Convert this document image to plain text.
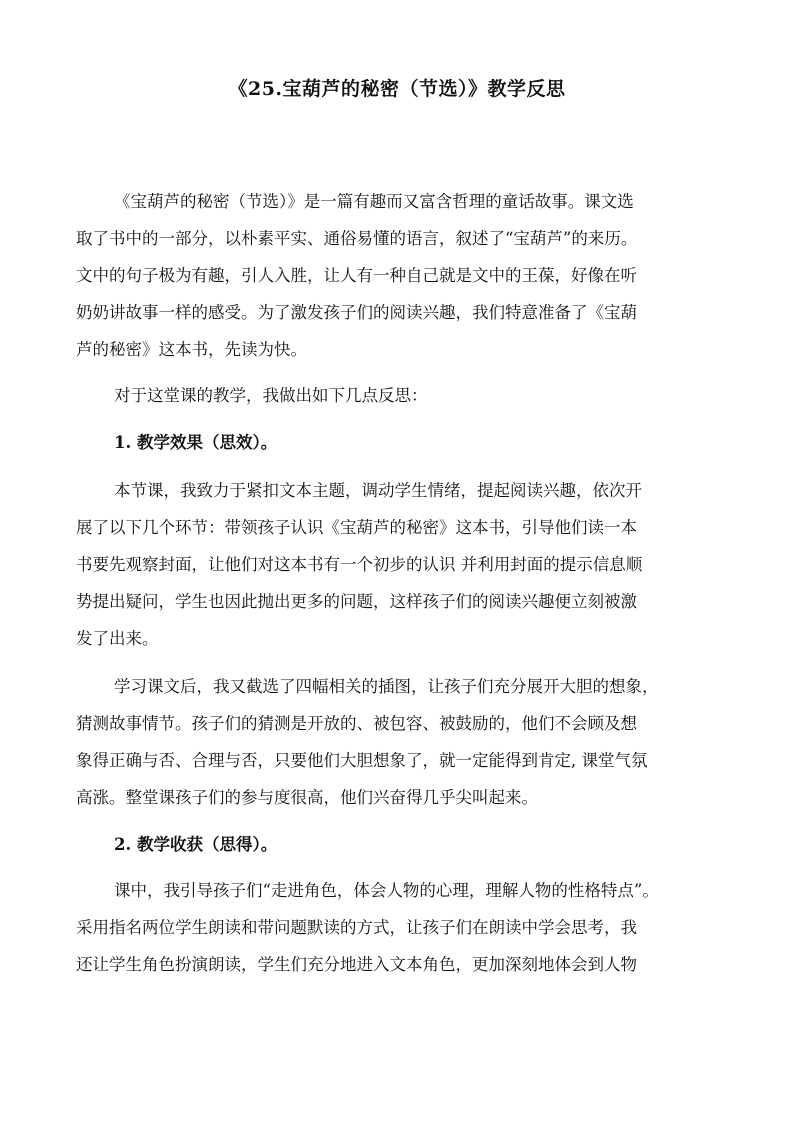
《25.宝葫芦的秘密（节选）》教学反思
《宝葫芦的秘密（节选）》是一篇有趣而又富含哲理的童话故事。课文选
取了书中的一部分，以朴素平实、通俗易懂的语言，叙述了“宝葫芦”的来历。
文中的句子极为有趣，引人入胜，让人有一种自己就是文中的王葆，好像在听
奶奶讲故事一样的感受。为了激发孩子们的阅读兴趣，我们特意准备了《宝葫
芦的秘密》这本书，先读为快。
对于这堂课的教学，我做出如下几点反思：
1. 教学效果（思效）。
本节课，我致力于紧扣文本主题，调动学生情绪，提起阅读兴趣，依次开
展了以下几个环节：带领孩子认识《宝葫芦的秘密》这本书，引导他们读一本
书要先观察封面，让他们对这本书有一个初步的认识 并利用封面的提示信息顺
势提出疑问，学生也因此抛出更多的问题，这样孩子们的阅读兴趣便立刻被激
发了出来。
学习课文后，我又截选了四幅相关的插图，让孩子们充分展开大胆的想象，
猜测故事情节。孩子们的猜测是开放的、被包容、被鼓励的，他们不会顾及想
象得正确与否、合理与否，只要他们大胆想象了，就一定能得到肯定, 课堂气氛
高涨。整堂课孩子们的参与度很高，他们兴奋得几乎尖叫起来。
2. 教学收获（思得）。
课中，我引导孩子们“走进角色，体会人物的心理，理解人物的性格特点”。
采用指名两位学生朗读和带问题默读的方式，让孩子们在朗读中学会思考，我
还让学生角色扮演朗读，学生们充分地进入文本角色，更加深刻地体会到人物
